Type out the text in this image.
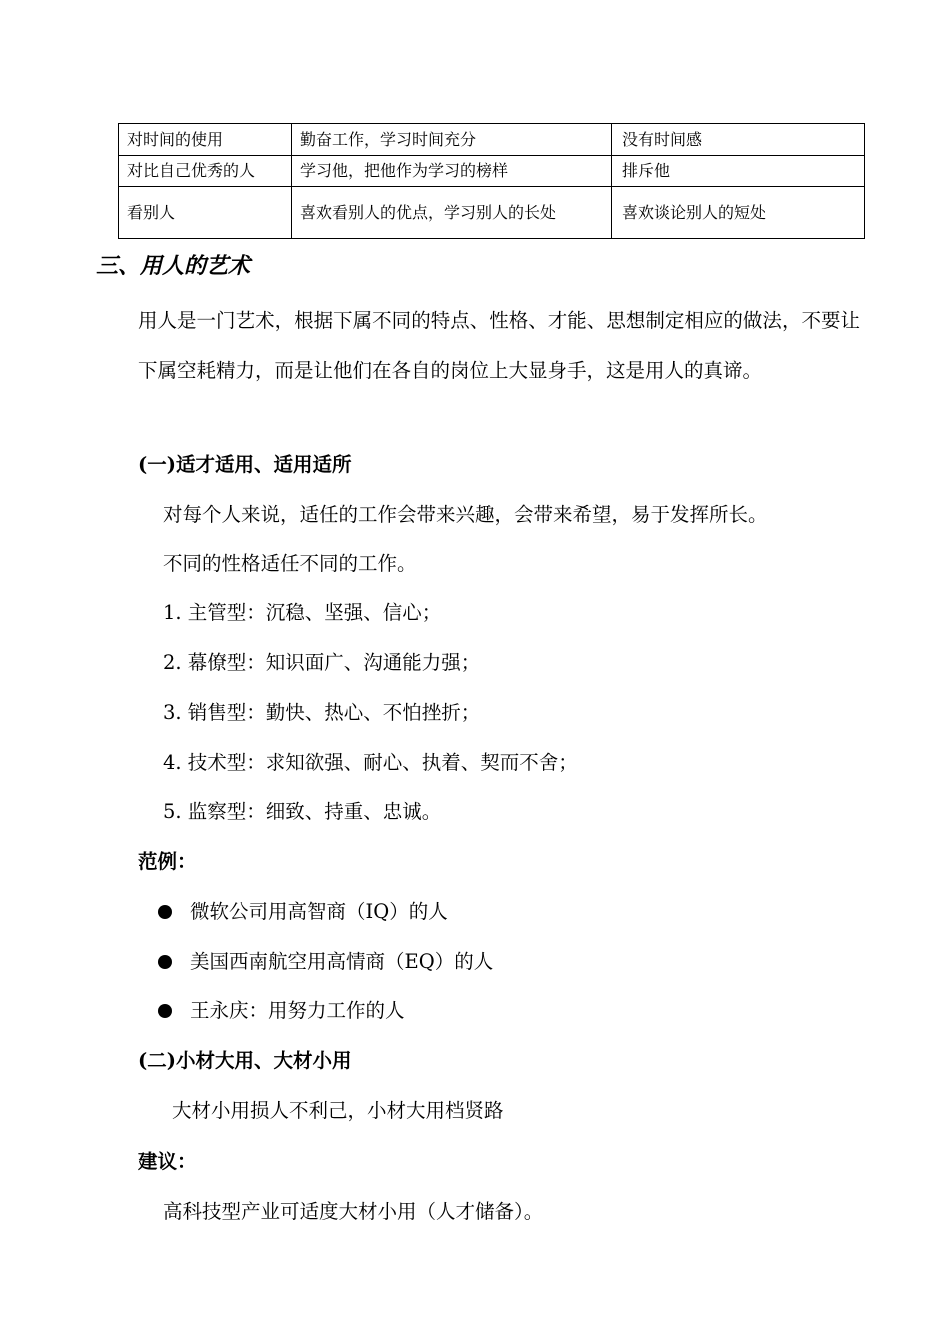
对时间的使用	勤奋工作，学习时间充分	没有时间感
对比自己优秀的人	学习他，把他作为学习的榜样	排斥他
看别人	喜欢看别人的优点，学习别人的长处	喜欢谈论别人的短处
三、用人的艺术
用人是一门艺术，根据下属不同的特点、性格、才能、思想制定相应的做法，不要让下属空耗精力，而是让他们在各自的岗位上大显身手，这是用人的真谛。
(一)适才适用、适用适所
对每个人来说，适任的工作会带来兴趣，会带来希望，易于发挥所长。
不同的性格适任不同的工作。
1. 主管型：沉稳、坚强、信心；
2. 幕僚型：知识面广、沟通能力强；
3. 销售型：勤快、热心、不怕挫折；
4. 技术型：求知欲强、耐心、执着、契而不舍；
5. 监察型：细致、持重、忠诚。
范例：
微软公司用高智商（IQ）的人
美国西南航空用高情商（EQ）的人
王永庆：用努力工作的人
(二)小材大用、大材小用
大材小用损人不利己，小材大用档贤路
建议：
高科技型产业可适度大材小用（人才储备）。
